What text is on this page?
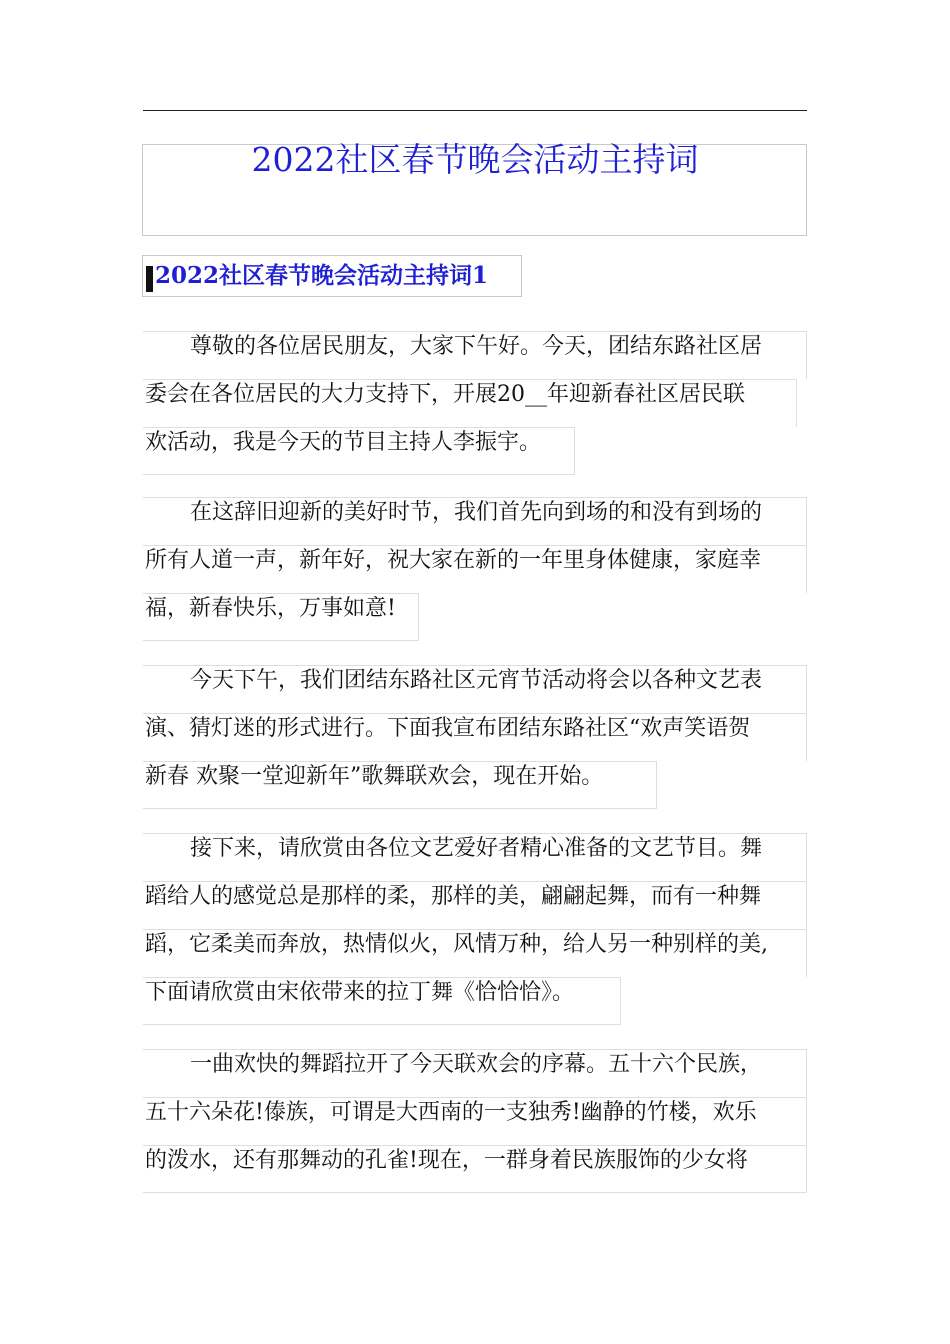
2022社区春节晚会活动主持词
2022社区春节晚会活动主持词1
尊敬的各位居民朋友，大家下午好。今天，团结东路社区居
委会在各位居民的大力支持下，开展20__年迎新春社区居民联
欢活动，我是今天的节目主持人李振宇。
在这辞旧迎新的美好时节，我们首先向到场的和没有到场的
所有人道一声，新年好，祝大家在新的一年里身体健康，家庭幸
福，新春快乐，万事如意!
今天下午，我们团结东路社区元宵节活动将会以各种文艺表
演、猜灯迷的形式进行。下面我宣布团结东路社区“欢声笑语贺
新春 欢聚一堂迎新年”歌舞联欢会，现在开始。
接下来，请欣赏由各位文艺爱好者精心准备的文艺节目。舞
蹈给人的感觉总是那样的柔，那样的美，翩翩起舞，而有一种舞
蹈，它柔美而奔放，热情似火，风情万种，给人另一种别样的美,
下面请欣赏由宋依带来的拉丁舞《恰恰恰》。
一曲欢快的舞蹈拉开了今天联欢会的序幕。五十六个民族，
五十六朵花!傣族，可谓是大西南的一支独秀!幽静的竹楼，欢乐
的泼水，还有那舞动的孔雀!现在，一群身着民族服饰的少女将
